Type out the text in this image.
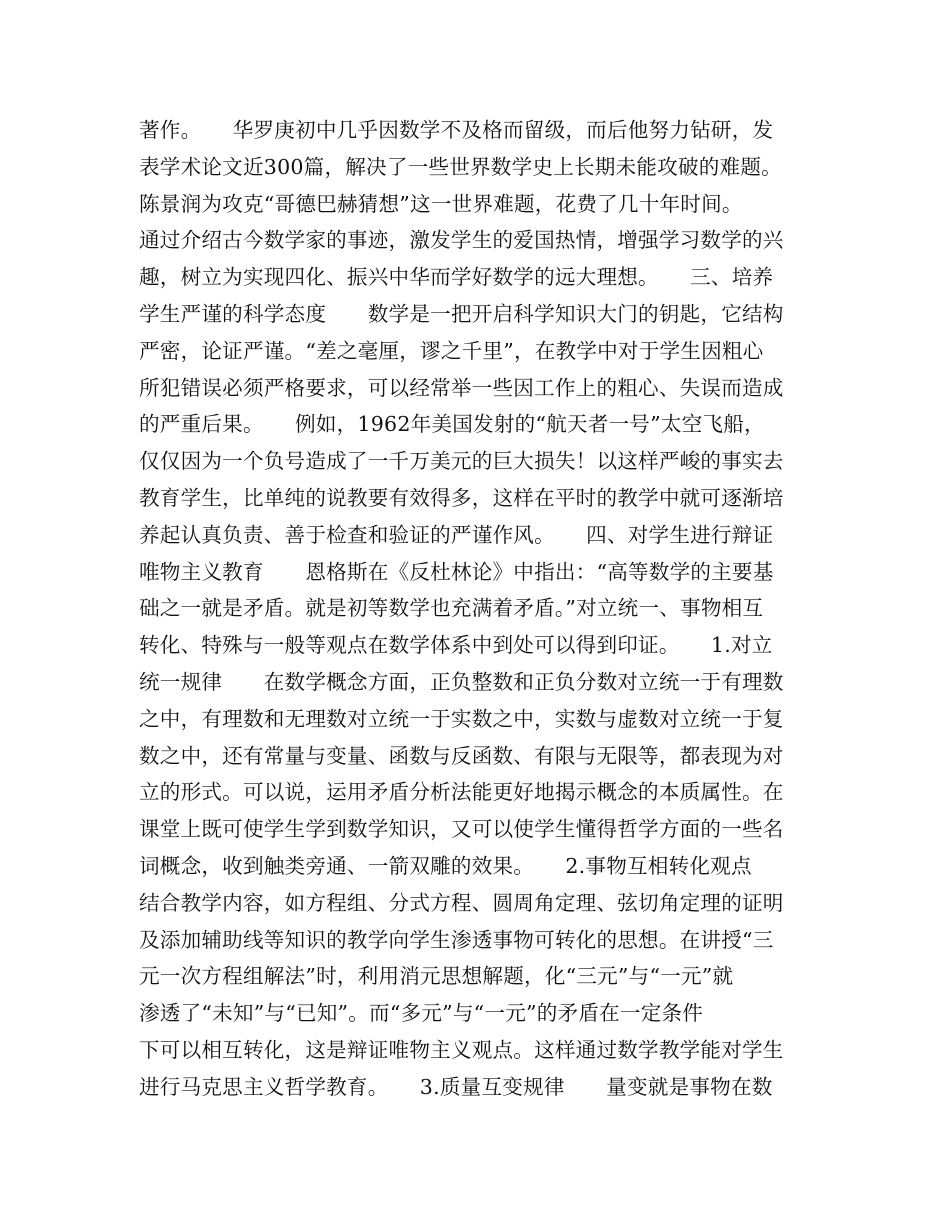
著作。　　华罗庚初中几乎因数学不及格而留级，而后他努力钻研，发
表学术论文近300篇，解决了一些世界数学史上长期未能攻破的难题。
陈景润为攻克“哥德巴赫猜想”这一世界难题，花费了几十年时间。
通过介绍古今数学家的事迹，激发学生的爱国热情，增强学习数学的兴
趣，树立为实现四化、振兴中华而学好数学的远大理想。　　三、培养
学生严谨的科学态度　　数学是一把开启科学知识大门的钥匙，它结构
严密，论证严谨。“差之毫厘，谬之千里”，在教学中对于学生因粗心
所犯错误必须严格要求，可以经常举一些因工作上的粗心、失误而造成
的严重后果。　　例如，1962年美国发射的“航天者一号”太空飞船，
仅仅因为一个负号造成了一千万美元的巨大损失！以这样严峻的事实去
教育学生，比单纯的说教要有效得多，这样在平时的教学中就可逐渐培
养起认真负责、善于检查和验证的严谨作风。　　四、对学生进行辩证
唯物主义教育　　恩格斯在《反杜林论》中指出：“高等数学的主要基
础之一就是矛盾。就是初等数学也充满着矛盾。”对立统一、事物相互
转化、特殊与一般等观点在数学体系中到处可以得到印证。　　1.对立
统一规律　　在数学概念方面，正负整数和正负分数对立统一于有理数
之中，有理数和无理数对立统一于实数之中，实数与虚数对立统一于复
数之中，还有常量与变量、函数与反函数、有限与无限等，都表现为对
立的形式。可以说，运用矛盾分析法能更好地揭示概念的本质属性。在
课堂上既可使学生学到数学知识，又可以使学生懂得哲学方面的一些名
词概念，收到触类旁通、一箭双雕的效果。　　2.事物互相转化观点
结合教学内容，如方程组、分式方程、圆周角定理、弦切角定理的证明
及添加辅助线等知识的教学向学生渗透事物可转化的思想。在讲授“三
元一次方程组解法”时，利用消元思想解题，化“三元”与“一元”就
渗透了“未知”与“已知”。而“多元”与“一元”的矛盾在一定条件
下可以相互转化，这是辩证唯物主义观点。这样通过数学教学能对学生
进行马克思主义哲学教育。　　3.质量互变规律　　量变就是事物在数
